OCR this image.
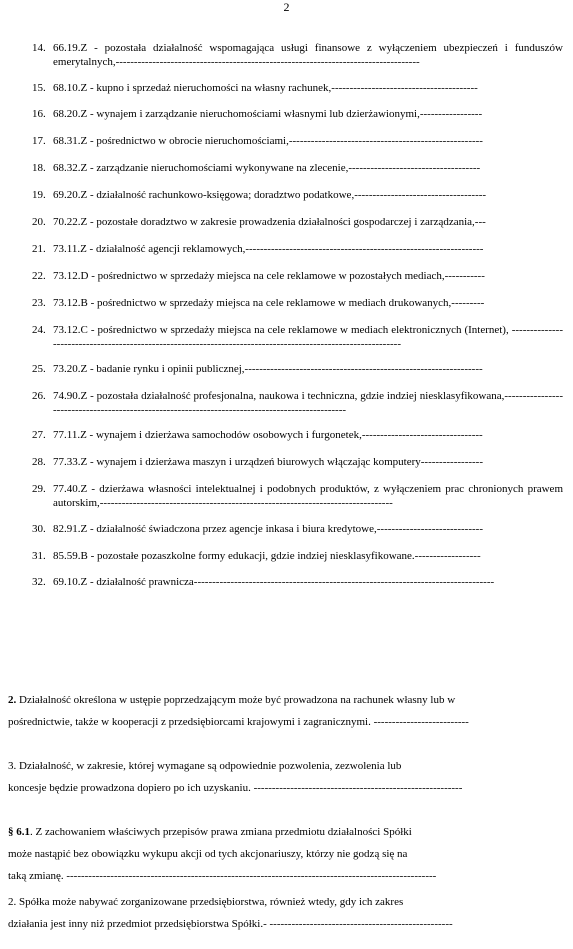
2
14. 66.19.Z - pozostała działalność wspomagająca usługi finansowe z wyłączeniem ubezpieczeń i funduszów emerytalnych,-----------------------------------------------------------------------------------
15. 68.10.Z - kupno i sprzedaż nieruchomości na własny rachunek,----------------------------------------
16. 68.20.Z - wynajem i zarządzanie nieruchomościami własnymi lub dzierżawionymi,-----------------
17. 68.31.Z - pośrednictwo w obrocie nieruchomościami,-----------------------------------------------------
18. 68.32.Z - zarządzanie nieruchomościami wykonywane na zlecenie,------------------------------------
19. 69.20.Z - działalność rachunkowo-księgowa; doradztwo podatkowe,------------------------------------
20. 70.22.Z - pozostałe doradztwo w zakresie prowadzenia działalności gospodarczej i zarządzania,---
21. 73.11.Z - działalność agencji reklamowych,-----------------------------------------------------------------
22. 73.12.D - pośrednictwo w sprzedaży miejsca na cele reklamowe w pozostałych mediach,-----------
23. 73.12.B - pośrednictwo w sprzedaży miejsca na cele reklamowe w mediach drukowanych,---------
24. 73.12.C - pośrednictwo w sprzedaży miejsca na cele reklamowe w mediach elektronicznych (Internet), -------------------------------------------------------------------------------------------------------------
25. 73.20.Z - badanie rynku i opinii publicznej,-----------------------------------------------------------------
26. 74.90.Z - pozostała działalność profesjonalna, naukowa i techniczna, gdzie indziej niesklasyfikowana,------------------------------------------------------------------------------------------------
27. 77.11.Z - wynajem i dzierżawa samochodów osobowych i furgonetek,---------------------------------
28. 77.33.Z - wynajem i dzierżawa maszyn i urządzeń biurowych włączając komputery-----------------
29. 77.40.Z - dzierżawa własności intelektualnej i podobnych produktów, z wyłączeniem prac chronionych prawem autorskim,--------------------------------------------------------------------------------
30. 82.91.Z - działalność świadczona przez agencje inkasa i biura kredytowe,-----------------------------
31. 85.59.B - pozostałe pozaszkolne formy edukacji, gdzie indziej niesklasyfikowane.------------------
32. 69.10.Z - działalność prawnicza----------------------------------------------------------------------------------
2. Działalność określona w ustępie poprzedzającym może być prowadzona na rachunek własny lub w
pośrednictwie, także w kooperacji z przedsiębiorcami krajowymi i zagranicznymi. --------------------------
3. Działalność, w zakresie, której wymagane są odpowiednie pozwolenia, zezwolenia lub
koncesje będzie prowadzona dopiero po ich uzyskaniu. ---------------------------------------------------------
§ 6.1. Z zachowaniem właściwych przepisów prawa zmiana przedmiotu działalności Spółki
może nastąpić bez obowiązku wykupu akcji od tych akcjonariuszy, którzy nie godzą się na
taką zmianę. -----------------------------------------------------------------------------------------------------
2. Spółka może nabywać zorganizowane przedsiębiorstwa, również wtedy, gdy ich zakres
działania jest inny niż przedmiot przedsiębiorstwa Spółki.- --------------------------------------------------
